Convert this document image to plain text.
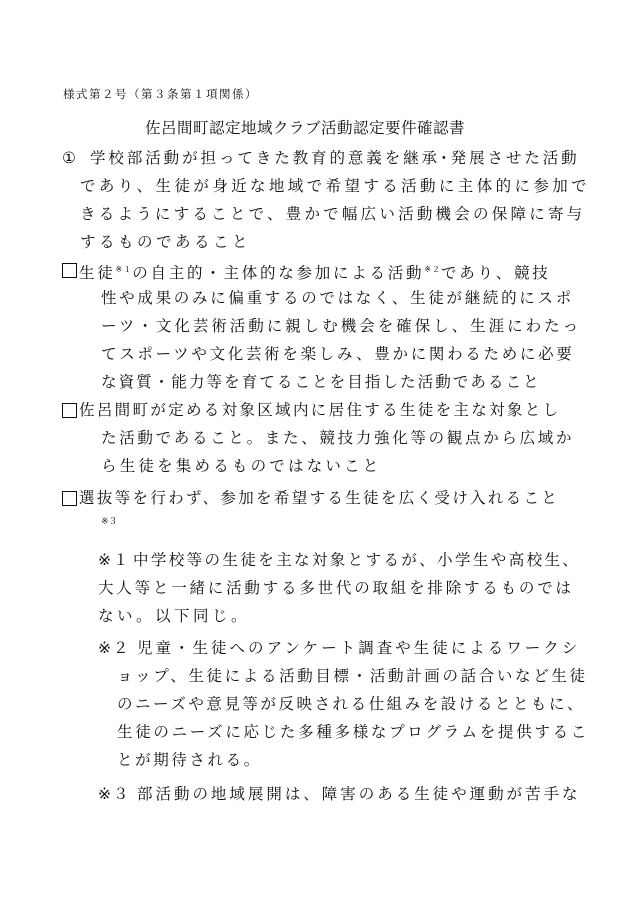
様式第２号（第３条第１項関係）
佐呂間町認定地域クラブ活動認定要件確認書
① 学校部活動が担ってきた教育的意義を継承･発展させた活動
であり、生徒が身近な地域で希望する活動に主体的に参加で
きるようにすることで、豊かで幅広い活動機会の保障に寄与
するものであること
生徒$^{※1}$の自主的・主体的な参加による活動$^{※2}$であり、競技
性や成果のみに偏重するのではなく、生徒が継続的にスポ
ーツ・文化芸術活動に親しむ機会を確保し、生涯にわたっ
てスポーツや文化芸術を楽しみ、豊かに関わるために必要
な資質・能力等を育てることを目指した活動であること
佐呂間町が定める対象区域内に居住する生徒を主な対象とし
た活動であること。また、競技力強化等の観点から広域か
ら生徒を集めるものではないこと
選抜等を行わず、参加を希望する生徒を広く受け入れること
※３
※１ 中学校等の生徒を主な対象とするが、小学生や高校生、
大人等と一緒に活動する多世代の取組を排除するものでは
ない。以下同じ。
※２ 児童・生徒へのアンケート調査や生徒によるワークシ
ョップ、生徒による活動目標・活動計画の話合いなど生徒
のニーズや意見等が反映される仕組みを設けるとともに、
生徒のニーズに応じた多種多様なプログラムを提供するこ
とが期待される。
※３ 部活動の地域展開は、障害のある生徒や運動が苦手な
